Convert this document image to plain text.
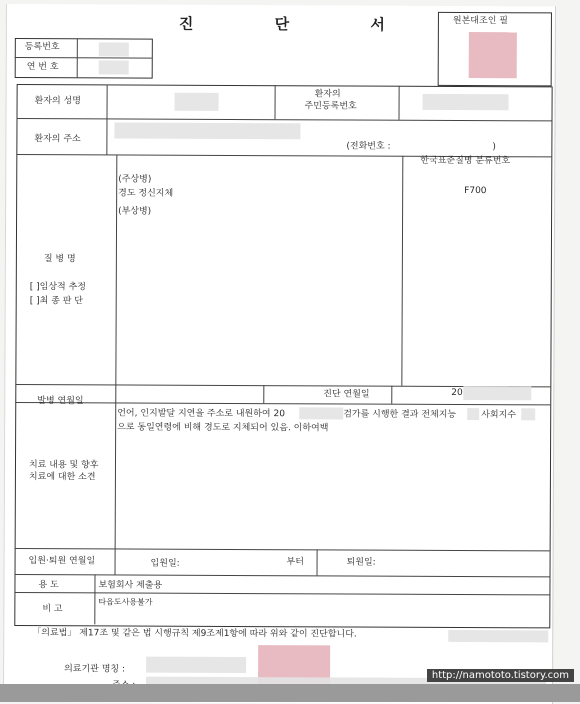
진 단 서
등록번호
연 번 호
원본대조인 필
환자의 성명
환자의
주민등록번호
환자의 주소
(전화번호 :	)
질 병 명
[ ]임상적 추정
[ ]최 종 판 단
(주상병)
경도 정신지체
(부상병)
한국표준질병 분류번호
F700
발병 연월일
진단 연월일	20
치료 내용 및 향후
치료에 대한 소견
언어, 인지발달 지연을 주소로 내원하여 20	검가를 시행한 결과 전체지능	사회지수
으로 동일연령에 비해 경도로 지체되어 있음. 이하여백
입원·퇴원 연월일	입원일:	부터	퇴원일:
용 도	보험회사 제출용
비 고
타읍도사용불가
「의료법」 제17조 및 같은 법 시행규칙 제9조제1항에 따라 위와 같이 진단합니다.
의료기관 명칭 :
http://namototo.tistory.com
